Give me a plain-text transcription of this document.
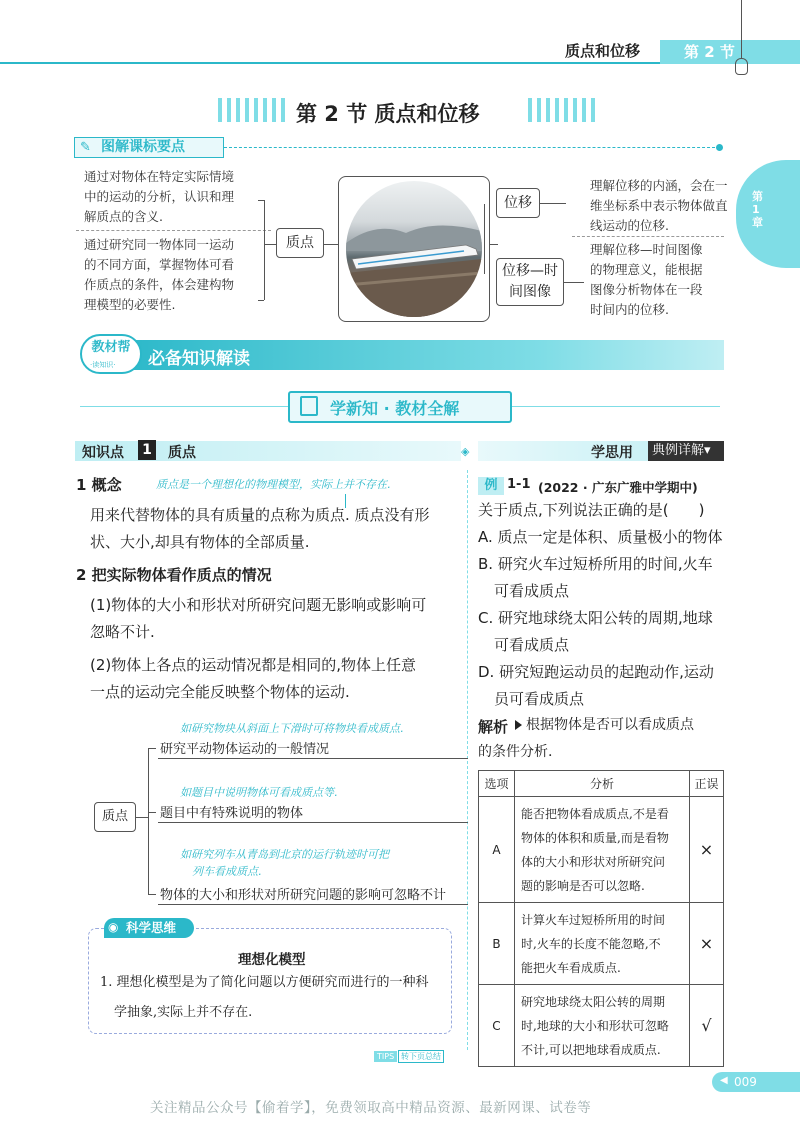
质点和位移	第 2 节
第 2 节 质点和位移
图解课标要点
✎
通过对物体在特定实际情境
中的运动的分析，认识和理
解质点的含义.
通过研究同一物体同一运动
的不同方面，掌握物体可看
作质点的条件，体会建构物
理模型的必要性.
质点
位移
位移—时
间图像
理解位移的内涵，会在一
维坐标系中表示物体做直
线运动的位移.
理解位移—时间图像
的物理意义，能根据
图像分析物体在一段
时间内的位移.
第1章
教材帮
·读知识· 必备知识解读
学新知 · 教材全解
知识点 1 质点	◈	学思用	典例详解▾
1 概念	质点是一个理想化的物理模型，实际上并不存在.
用来代替物体的具有质量的点称为质点. 质点没有形
状、大小,却具有物体的全部质量.
2 把实际物体看作质点的情况
(1)物体的大小和形状对所研究问题无影响或影响可
忽略不计.
(2)物体上各点的运动情况都是相同的,物体上任意
一点的运动完全能反映整个物体的运动.
质点
如研究物块从斜面上下滑时可将物块看成质点.
研究平动物体运动的一般情况
如题目中说明物体可看成质点等.
题目中有特殊说明的物体
如研究列车从青岛到北京的运行轨迹时可把
列车看成质点.
物体的大小和形状对所研究问题的影响可忽略不计
科学思维
◉
理想化模型
1. 理想化模型是为了简化问题以方便研究而进行的一种科
学抽象,实际上并不存在.
例 1-1 (2022 · 广东广雅中学期中)
关于质点,下列说法正确的是(　　)
A. 质点一定是体积、质量极小的物体
B. 研究火车过短桥所用的时间,火车
可看成质点
C. 研究地球绕太阳公转的周期,地球
可看成质点
D. 研究短跑运动员的起跑动作,运动
员可看成质点
解析 根据物体是否可以看成质点
的条件分析.
选项	分析	正误
A	能否把物体看成质点,不是看
物体的体积和质量,而是看物
体的大小和形状对所研究问
题的影响是否可以忽略.	×
B	计算火车过短桥所用的时间
时,火车的长度不能忽略,不
能把火车看成质点.	×
C	研究地球绕太阳公转的周期
时,地球的大小和形状可忽略
不计,可以把地球看成质点.	√
TIPS 转下页总结
009
◀
关注精品公众号【偷着学】，免费领取高中精品资源、最新网课、试卷等
